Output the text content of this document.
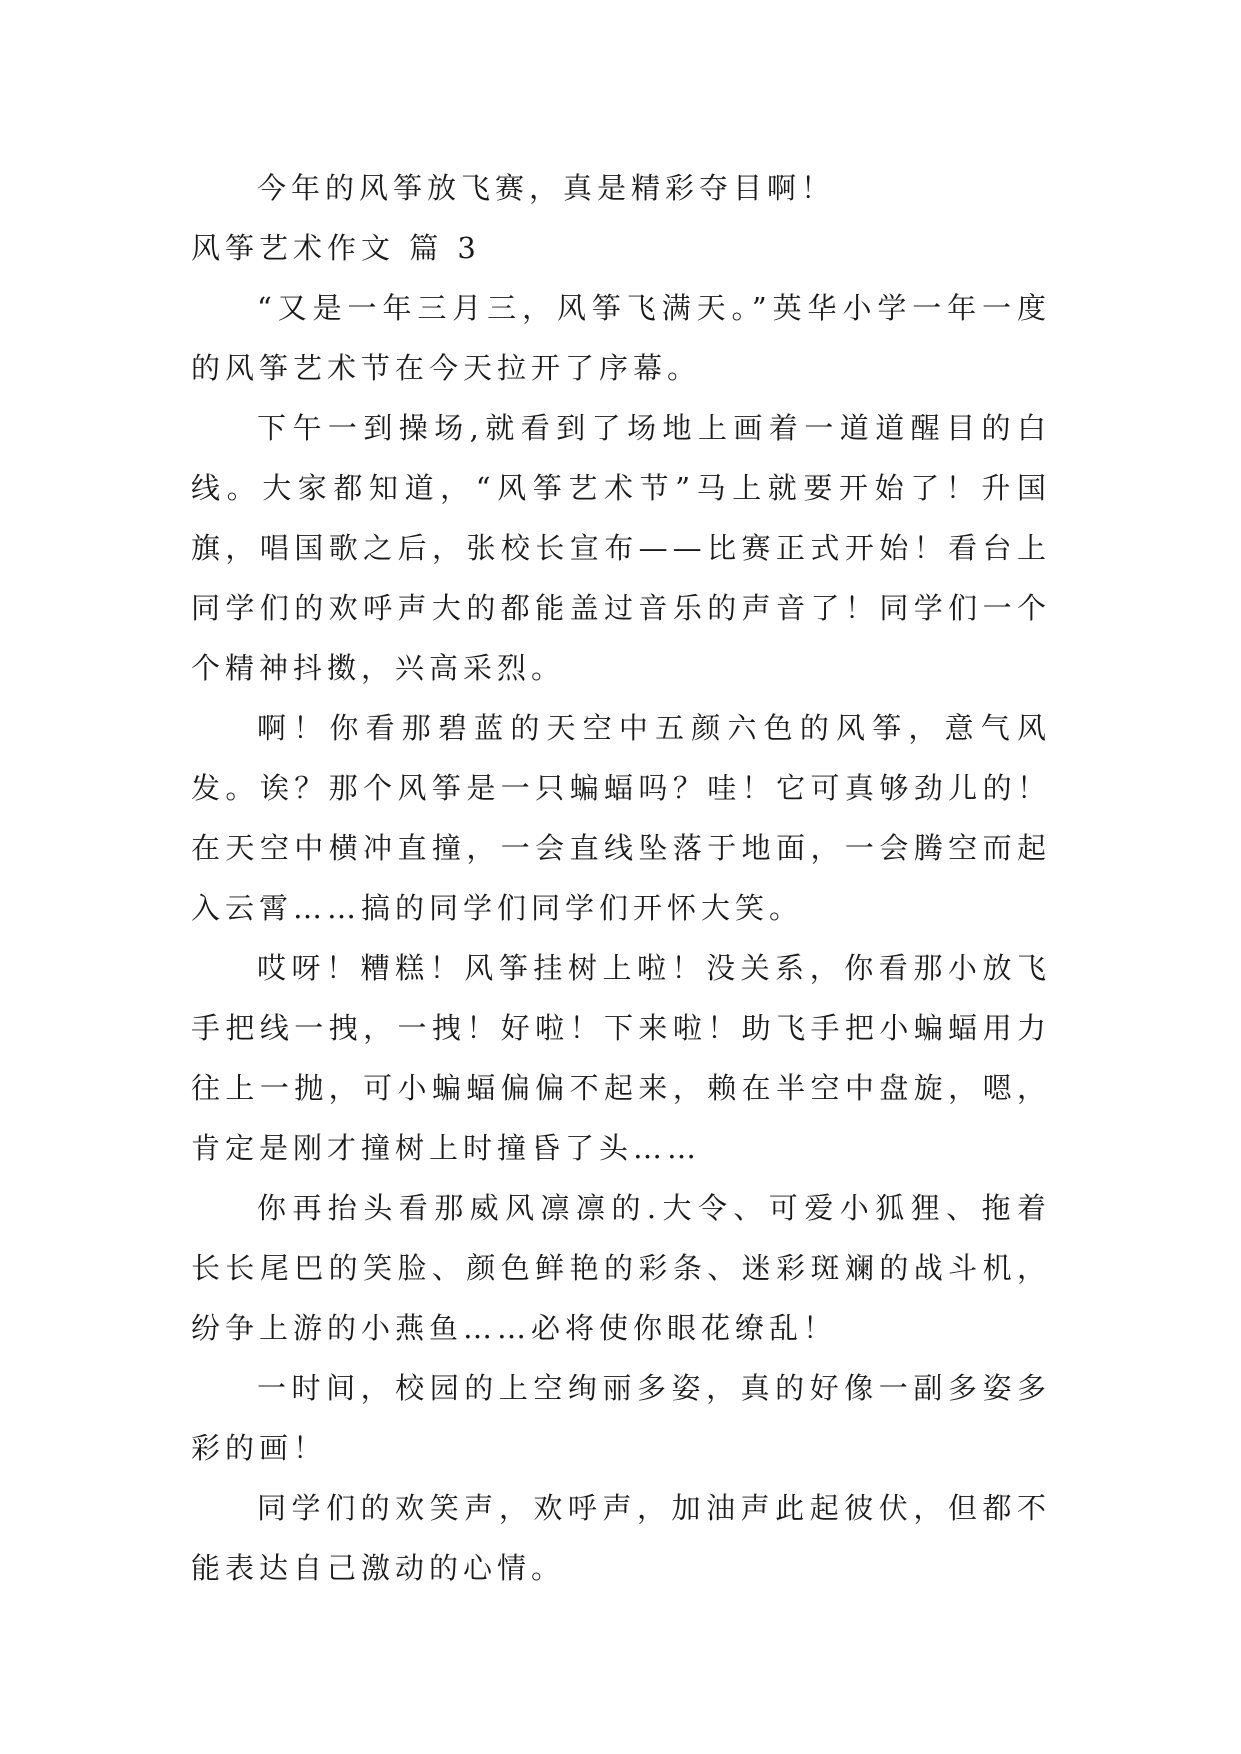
今年的风筝放飞赛，真是精彩夺目啊！

风筝艺术作文 篇 3

“又是一年三月三，风筝飞满天。”英华小学一年一度的风筝艺术节在今天拉开了序幕。

下午一到操场,就看到了场地上画着一道道醒目的白线。大家都知道，“风筝艺术节”马上就要开始了！升国旗，唱国歌之后，张校长宣布——比赛正式开始！看台上同学们的欢呼声大的都能盖过音乐的声音了！同学们一个个精神抖擞，兴高采烈。

啊！你看那碧蓝的天空中五颜六色的风筝，意气风发。诶？那个风筝是一只蝙蝠吗？哇！它可真够劲儿的！在天空中横冲直撞，一会直线坠落于地面，一会腾空而起入云霄……搞的同学们同学们开怀大笑。

哎呀！糟糕！风筝挂树上啦！没关系，你看那小放飞手把线一拽，一拽！好啦！下来啦！助飞手把小蝙蝠用力往上一抛，可小蝙蝠偏偏不起来，赖在半空中盘旋，嗯，肯定是刚才撞树上时撞昏了头……

你再抬头看那威风凛凛的.大令、可爱小狐狸、拖着长长尾巴的笑脸、颜色鲜艳的彩条、迷彩斑斓的战斗机，纷争上游的小燕鱼……必将使你眼花缭乱！

一时间，校园的上空绚丽多姿，真的好像一副多姿多彩的画！

同学们的欢笑声，欢呼声，加油声此起彼伏，但都不能表达自己激动的心情。
